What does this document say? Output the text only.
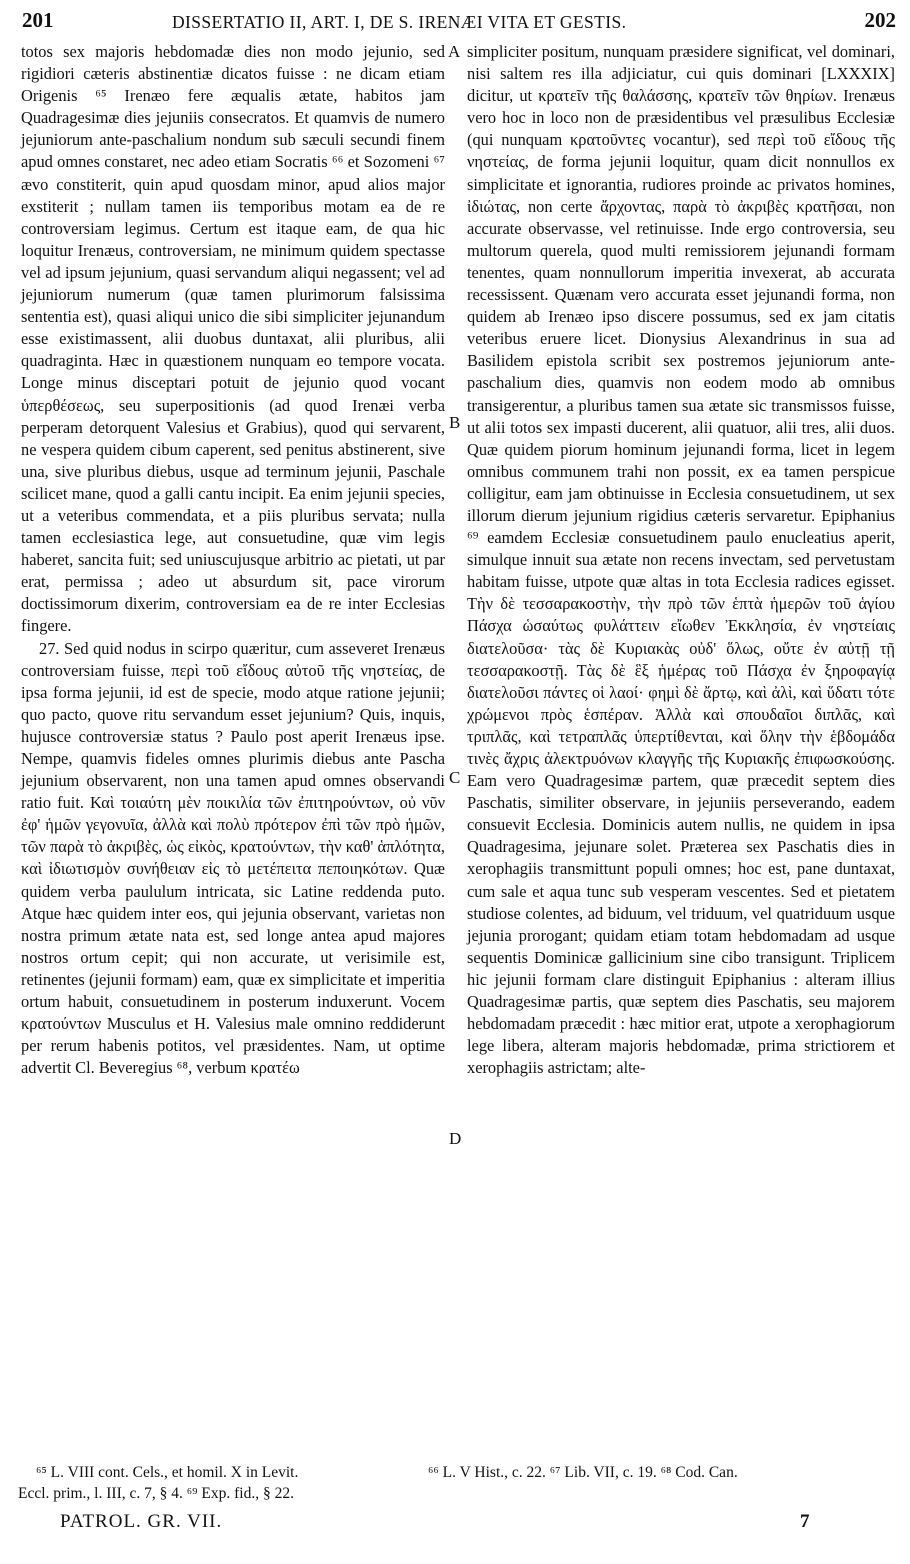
201	DISSERTATIO II, ART. I, DE S. IRENÆI VITA ET GESTIS.	202

totos sex majoris hebdomadæ dies non modo jejunio, sed rigidiori cæteris abstinentiæ dicatos fuisse : ne dicam etiam Origenis ⁶⁵ Irenæo fere æqualis ætate, habitos jam Quadragesimæ dies jejuniis consecratos. Et quamvis de numero jejuniorum ante-paschalium nondum sub sæculi secundi finem apud omnes constaret, nec adeo etiam Socratis ⁶⁶ et Sozomeni ⁶⁷ ævo constiterit, quin apud quosdam minor, apud alios major exstiterit ; nullam tamen iis temporibus motam ea de re controversiam legimus. Certum est itaque eam, de qua hic loquitur Irenæus, controversiam, ne minimum quidem spectasse vel ad ipsum jejunium, quasi servandum aliqui negassent; vel ad jejuniorum numerum (quæ tamen plurimorum falsissima sententia est), quasi aliqui unico die sibi simpliciter jejunandum esse existimassent, alii duobus duntaxat, alii pluribus, alii quadraginta. Hæc in quæstionem nunquam eo tempore vocata. Longe minus disceptari potuit de jejunio quod vocant ὑπερθέσεως, seu superpositionis (ad quod Irenæi verba perperam detorquent Valesius et Grabius), quod qui servarent, ne vespera quidem cibum caperent, sed penitus abstinerent, sive una, sive pluribus diebus, usque ad terminum jejunii, Paschale scilicet mane, quod a galli cantu incipit. Ea enim jejunii species, ut a veteribus commendata, et a piis pluribus servata; nulla tamen ecclesiastica lege, aut consuetudine, quæ vim legis haberet, sancita fuit; sed uniuscujusque arbitrio ac pietati, ut par erat, permissa ; adeo ut absurdum sit, pace virorum doctissimorum dixerim, controversiam ea de re inter Ecclesias fingere.

27. Sed quid nodus in scirpo quæritur, cum asseveret Irenæus controversiam fuisse, περὶ τοῦ εἴδους αὐτοῦ τῆς νηστείας, de ipsa forma jejunii, id est de specie, modo atque ratione jejunii; quo pacto, quove ritu servandum esset jejunium? Quis, inquis, hujusce controversiæ status ? Paulo post aperit Irenæus ipse. Nempe, quamvis fideles omnes plurimis diebus ante Pascha jejunium observarent, non una tamen apud omnes observandi ratio fuit. Καὶ τοιαύτη μὲν ποικιλία τῶν ἐπιτηρούντων, οὐ νῦν ἐφ' ἡμῶν γεγονυῖα, ἀλλὰ καὶ πολὺ πρότερον ἐπὶ τῶν πρὸ ἡμῶν, τῶν παρὰ τὸ ἀκριβὲς, ὡς εἰκὸς, κρατούντων, τὴν καθ' ἁπλότητα, καὶ ἰδιωτισμὸν συνήθειαν εἰς τὸ μετέπειτα πεποιηκότων. Quæ quidem verba paululum intricata, sic Latine reddenda puto. Atque hæc quidem inter eos, qui jejunia observant, varietas non nostra primum ætate nata est, sed longe antea apud majores nostros ortum cepit; qui non accurate, ut verisimile est, retinentes (jejunii formam) eam, quæ ex simplicitate et imperitia ortum habuit, consuetudinem in posterum induxerunt. Vocem κρατούντων Musculus et H. Valesius male omnino reddiderunt per rerum habenis potitos, vel præsidentes. Nam, ut optime advertit Cl. Beveregius ⁶⁸, verbum κρατέω

A
B
C
D

simpliciter positum, nunquam præsidere significat, vel dominari, nisi saltem res illa adjiciatur, cui quis dominari [LXXXIX] dicitur, ut κρατεῖν τῆς θαλάσσης, κρατεῖν τῶν θηρίων. Irenæus vero hoc in loco non de præsidentibus vel præsulibus Ecclesiæ (qui nunquam κρατοῦντες vocantur), sed περὶ τοῦ εἴδους τῆς νηστείας, de forma jejunii loquitur, quam dicit nonnullos ex simplicitate et ignorantia, rudiores proinde ac privatos homines, ἰδιώτας, non certe ἄρχοντας, παρὰ τὸ ἀκριβὲς κρατῆσαι, non accurate observasse, vel retinuisse. Inde ergo controversia, seu multorum querela, quod multi remissiorem jejunandi formam tenentes, quam nonnullorum imperitia invexerat, ab accurata recessissent. Quænam vero accurata esset jejunandi forma, non quidem ab Irenæo ipso discere possumus, sed ex jam citatis veteribus eruere licet. Dionysius Alexandrinus in sua ad Basilidem epistola scribit sex postremos jejuniorum ante-paschalium dies, quamvis non eodem modo ab omnibus transigerentur, a pluribus tamen sua ætate sic transmissos fuisse, ut alii totos sex impasti ducerent, alii quatuor, alii tres, alii duos. Quæ quidem piorum hominum jejunandi forma, licet in legem omnibus communem trahi non possit, ex ea tamen perspicue colligitur, eam jam obtinuisse in Ecclesia consuetudinem, ut sex illorum dierum jejunium rigidius cæteris servaretur. Epiphanius ⁶⁹ eamdem Ecclesiæ consuetudinem paulo enucleatius aperit, simulque innuit sua ætate non recens invectam, sed pervetustam habitam fuisse, utpote quæ altas in tota Ecclesia radices egisset. Τὴν δὲ τεσσαρακοστὴν, τὴν πρὸ τῶν ἑπτὰ ἡμερῶν τοῦ ἁγίου Πάσχα ὡσαύτως φυλάττειν εἴωθεν Ἐκκλησία, ἐν νηστείαις διατελοῦσα· τὰς δὲ Κυριακὰς οὐδ' ὅλως, οὔτε ἐν αὐτῇ τῇ τεσσαρακοστῇ. Τὰς δὲ ἓξ ἡμέρας τοῦ Πάσχα ἐν ξηροφαγίᾳ διατελοῦσι πάντες οἱ λαοί· φημὶ δὲ ἄρτῳ, καὶ ἀλὶ, καὶ ὕδατι τότε χρώμενοι πρὸς ἑσπέραν. Ἀλλὰ καὶ σπουδαῖοι διπλᾶς, καὶ τριπλᾶς, καὶ τετραπλᾶς ὑπερτίθενται, καὶ ὅλην τὴν ἑβδομάδα τινὲς ἄχρις ἀλεκτρυόνων κλαγγῆς τῆς Κυριακῆς ἐπιφωσκούσης. Eam vero Quadragesimæ partem, quæ præcedit septem dies Paschatis, similiter observare, in jejuniis perseverando, eadem consuevit Ecclesia. Dominicis autem nullis, ne quidem in ipsa Quadragesima, jejunare solet. Præterea sex Paschatis dies in xerophagiis transmittunt populi omnes; hoc est, pane duntaxat, cum sale et aqua tunc sub vesperam vescentes. Sed et pietatem studiose colentes, ad biduum, vel triduum, vel quatriduum usque jejunia prorogant; quidam etiam totam hebdomadam ad usque sequentis Dominicæ gallicinium sine cibo transigunt. Triplicem hic jejunii formam clare distinguit Epiphanius : alteram illius Quadragesimæ partis, quæ septem dies Paschatis, seu majorem hebdomadam præcedit : hæc mitior erat, utpote a xerophagiorum lege libera, alteram majoris hebdomadæ, prima strictiorem et xerophagiis astrictam; alte-

⁶⁵ L. VIII cont. Cels., et homil. X in Levit.	⁶⁶ L. V Hist., c. 22. ⁶⁷ Lib. VII, c. 19. ⁶⁸ Cod. Can.
Eccl. prim., l. III, c. 7, § 4. ⁶⁹ Exp. fid., § 22.
PATROL. GR. VII.	7
